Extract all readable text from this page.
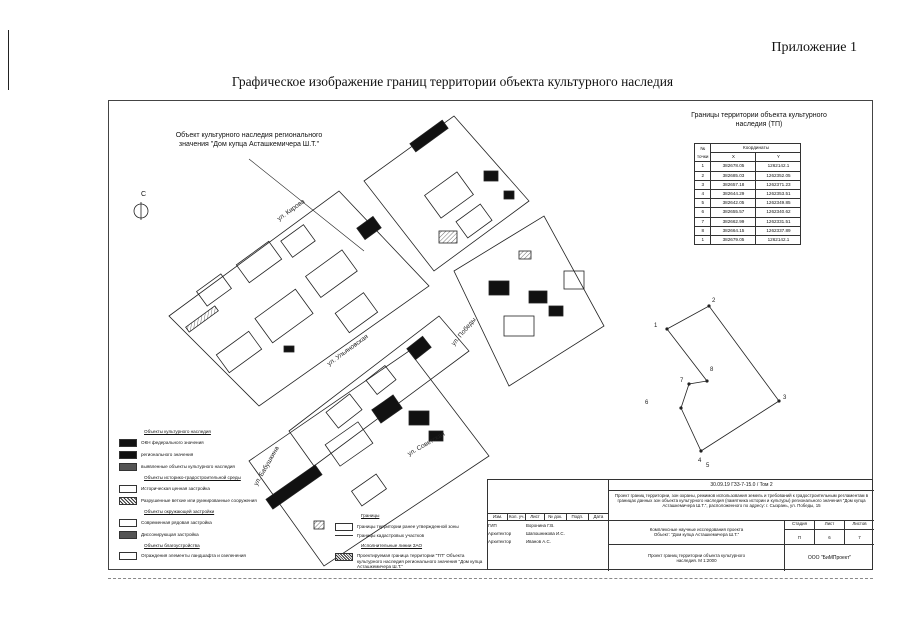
Приложение 1
Графическое изображение границ территории объекта культурного наследия
1
2
3
4
5
6
7
8
ул. Кирова
ул. Ульяновская
ул. Победы
ул. Советская
ул. Бабушкина
Объект культурного наследия регионального значения "Дом купца Асташкемичера Ш.Т."
С
Границы территории объекта культурного наследия (ТП)
№ точки	Координаты	
	X	Y
1	382678.05	1262142.1
2	382685.03	1262352.05
3	382657.18	1262371.23
4	382644.29	1262353.51
5	382642.05	1262349.85
6	382655.57	1262340.62
7	382662.99	1262331.51
8	382664.15	1262337.89
1	382679.05	1262142.1
Объекты культурного наследия
ОКН федерального значения
регионального значения
выявленные объекты культурного наследия
Объекты историко-градостроительной среды
Историческая ценная застройка
Разрушенные ветхие или руинированные сооружения
Объекты окружающей застройки
Современная рядовая застройка
Диссонирующая застройка
Объекты благоустройства
Ограждения элементы ландшафта и озеленения
Границы
Границы территории ранее утвержденной зоны
Границы кадастровых участков
Исполнительные линии ЗАО
Проектируемая граница территории "ТП" Объекта культурного наследия регионального значения "Дом купца Асташкемичера Ш.Т."
30.09.19 ГЗ3-7-15.0 / Том 2
Проект границ территории, зон охраны, режимов использования земель и требований к градостроительным регламентам в границах данных зон объекта культурного наследия (памятника истории и культуры) регионального значения "Дом купца Асташкемичера Ш.Т.", расположенного по адресу: г. Сызрань, ул. Победы, 15
Изм.	Кол. уч.	Лист	№ док.	Подп.	Дата
ГИП	Воронина Г.В.
Архитектор	Шапошникова И.С.
Архитектор	Иванов А.С.
Комплексные научные исследования проекта
Объект: "Дом купца Асташкемичера Ш.Т."
Стадия	Лист	Листов
П	6	7
Проект границ территории объекта культурного наследия. М 1:2000	ООО "БиМПроект"
